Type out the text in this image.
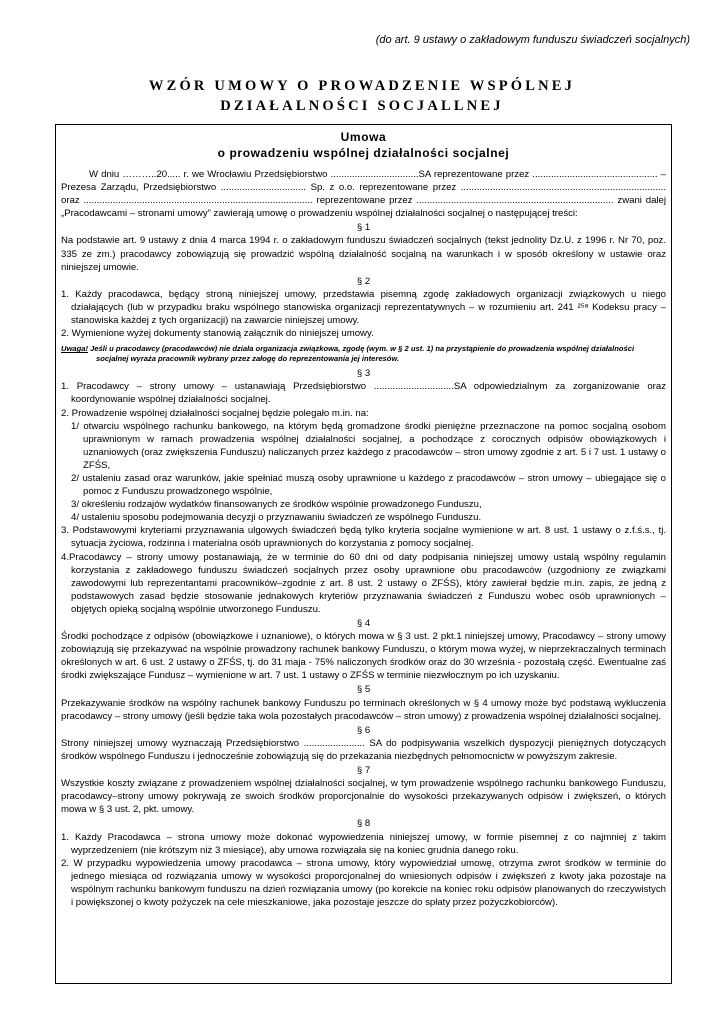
(do art. 9 ustawy o zakładowym funduszu świadczeń socjalnych)
WZÓR UMOWY O PROWADZENIE WSPÓLNEJ
DZIAŁALNOŚCI SOCJALLNEJ
Umowa
o prowadzeniu wspólnej działalności socjalnej

W dniu ………..20..... r. we Wrocławiu Przedsiębiorstwo .................................SA reprezentowane przez ............................................... – Prezesa Zarządu, Przedsiębiorstwo ................................ Sp. z o.o. reprezentowane przez ............................................................................. oraz ...................................................................................... reprezentowane przez .......................................................................... zwani dalej „Pracodawcami – stronami umowy” zawierają umowę o prowadzeniu wspólnej działalności socjalnej o następującej treści:

§ 1

Na podstawie art. 9 ustawy z dnia 4 marca 1994 r. o zakładowym funduszu świadczeń socjalnych (tekst jednolity Dz.U. z 1996 r. Nr 70, poz. 335 ze zm.) pracodawcy zobowiązują się prowadzić wspólną działalność socjalną na warunkach i w sposób określony w ustawie oraz niniejszej umowie.

§ 2

1. Każdy pracodawca, będący stroną niniejszej umowy, przedstawia pisemną zgodę zakładowych organizacji związkowych u niego działających (lub w przypadku braku wspólnego stanowiska organizacji reprezentatywnych – w rozumieniu art. 241 ²⁵ᵃ Kodeksu pracy –stanowiska każdej z tych organizacji) na zawarcie niniejszej umowy.

2. Wymienione wyżej dokumenty stanowią załącznik do niniejszej umowy.

Uwaga! Jeśli u pracodawcy (pracodawców) nie działa organizacja związkowa, zgodę (wym. w § 2 ust. 1) na przystąpienie do prowadzenia wspólnej działalności socjalnej wyraża pracownik wybrany przez załogę do reprezentowania jej interesów.

§ 3

1. Pracodawcy – strony umowy – ustanawiają Przedsiębiorstwo ..............................SA odpowiedzialnym za zorganizowanie oraz koordynowanie wspólnej działalności socjalnej.

2. Prowadzenie wspólnej działalności socjalnej będzie polegało m.in. na:

1/ otwarciu wspólnego rachunku bankowego, na którym będą gromadzone środki pieniężne przeznaczone na pomoc socjalną osobom uprawnionym w ramach prowadzenia wspólnej działalności socjalnej, a pochodzące z corocznych odpisów obowiązkowych i uznaniowych (oraz zwiększenia Funduszu) naliczanych przez każdego z pracodawców – stron umowy zgodnie z art. 5 i 7 ust. 1 ustawy o ZFŚS,

2/ ustaleniu zasad oraz warunków, jakie spełniać muszą osoby uprawnione u każdego z pracodawców – stron umowy – ubiegające się o pomoc z Funduszu prowadzonego wspólnie,

3/ określeniu rodzajów wydatków finansowanych ze środków wspólnie prowadzonego Funduszu,

4/ ustaleniu sposobu podejmowania decyzji o przyznawaniu świadczeń ze wspólnego Funduszu.

3. Podstawowymi kryteriami przyznawania ulgowych świadczeń będą tylko kryteria socjalne wymienione w art. 8 ust. 1 ustawy o z.f.ś.s., tj. sytuacja życiowa, rodzinna i materialna osób uprawnionych do korzystania z pomocy socjalnej.

4.Pracodawcy – strony umowy postanawiają, że w terminie do 60 dni od daty podpisania niniejszej umowy ustalą wspólny regulamin korzystania z zakładowego funduszu świadczeń socjalnych przez osoby uprawnione obu pracodawców (uzgodniony ze związkami zawodowymi lub reprezentantami pracowników–zgodnie z art. 8 ust. 2 ustawy o ZFŚS), który zawierał będzie m.in. zapis, że jedną z podstawowych zasad będzie stosowanie jednakowych kryteriów przyznawania świadczeń z Funduszu wobec osób uprawnionych – objętych opieką socjalną wspólnie utworzonego Funduszu.

§ 4

Środki pochodzące z odpisów (obowiązkowe i uznaniowe), o których mowa w § 3 ust. 2 pkt.1 niniejszej umowy, Pracodawcy – strony umowy zobowiązują się przekazywać na wspólnie prowadzony rachunek bankowy Funduszu, o którym mowa wyżej, w nieprzekraczalnych terminach określonych w art. 6 ust. 2 ustawy o ZFŚS, tj. do 31 maja - 75% naliczonych środków oraz do 30 września - pozostałą część. Ewentualne zaś środki zwiększające Fundusz – wymienione w art. 7 ust. 1 ustawy o ZFŚS w terminie niezwłocznym po ich uzyskaniu.

§ 5

Przekazywanie środków na wspólny rachunek bankowy Funduszu po terminach określonych w § 4 umowy może być podstawą wykluczenia pracodawcy – strony umowy (jeśli będzie taka wola pozostałych pracodawców – stron umowy) z prowadzenia wspólnej działalności socjalnej.

§ 6

Strony niniejszej umowy wyznaczają Przedsiębiorstwo ....................... SA do podpisywania wszelkich dyspozycji pieniężnych dotyczących środków wspólnego Funduszu i jednocześnie zobowiązują się do przekazania niezbędnych pełnomocnictw w powyższym zakresie.

§ 7

Wszystkie koszty związane z prowadzeniem wspólnej działalności socjalnej, w tym prowadzenie wspólnego rachunku bankowego Funduszu, pracodawcy–strony umowy pokrywają ze swoich środków proporcjonalnie do wysokości przekazywanych odpisów i zwiększeń, o których mowa w § 3 ust. 2, pkt. umowy.

§ 8

1. Każdy Pracodawca – strona umowy może dokonać wypowiedzenia niniejszej umowy, w formie pisemnej z co najmniej z takim wyprzedzeniem (nie krótszym niż 3 miesiące), aby umowa rozwiązała się na koniec grudnia danego roku.

2. W przypadku wypowiedzenia umowy pracodawca – strona umowy, który wypowiedział umowę, otrzyma zwrot środków w terminie do jednego miesiąca od rozwiązania umowy w wysokości proporcjonalnej do wniesionych odpisów i zwiększeń z kwoty jaka pozostaje na wspólnym rachunku bankowym funduszu na dzień rozwiązania umowy (po korekcie na koniec roku odpisów planowanych do rzeczywistych i powiększonej o kwoty pożyczek na cele mieszkaniowe, jaka pozostaje jeszcze do spłaty przez pożyczkobiorców).
